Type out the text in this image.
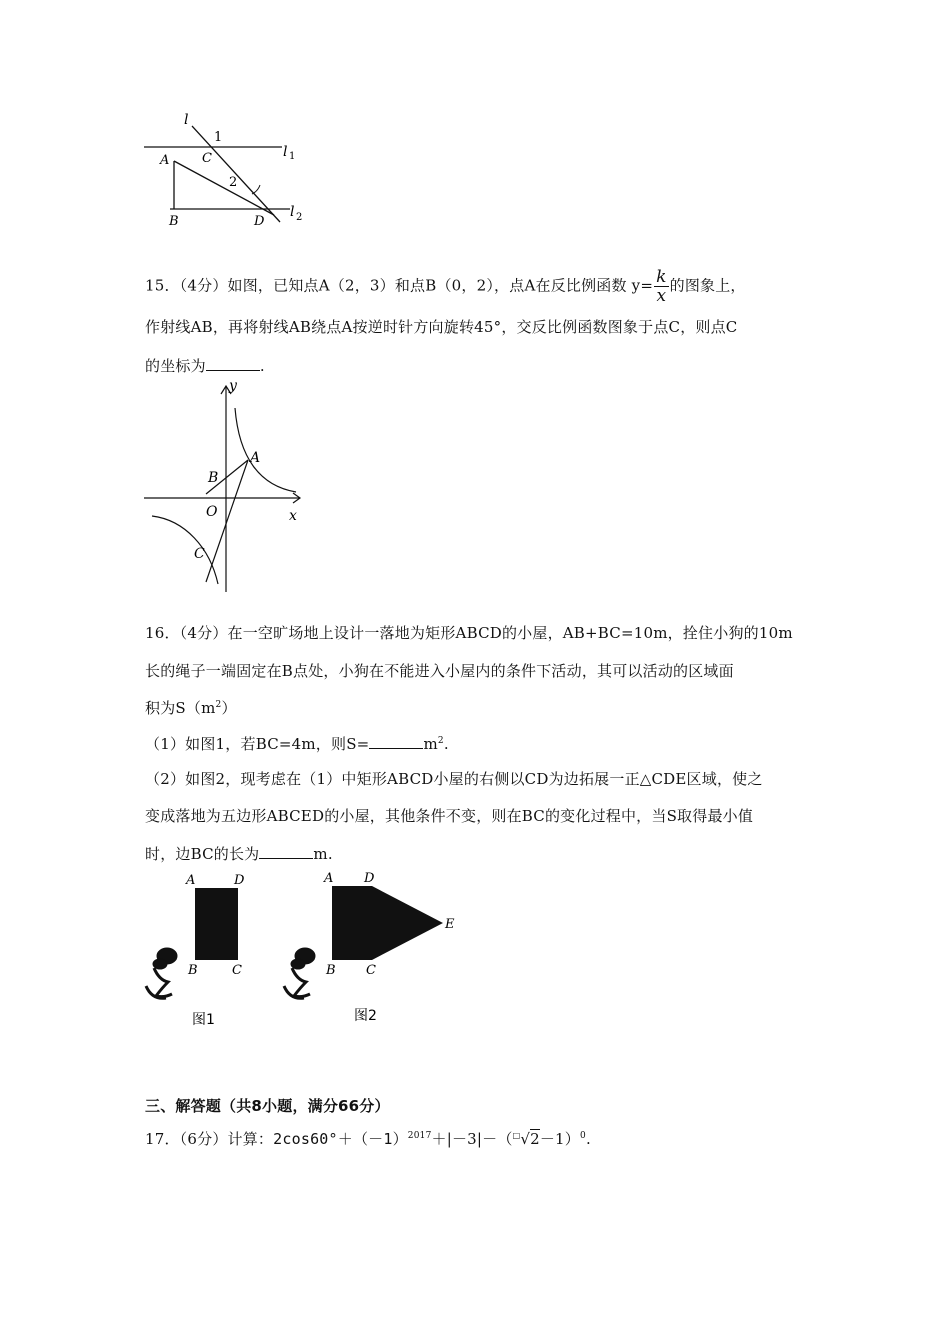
l
1
C
A
2
l 1
B	D
l 2
15．（4分）如图，已知点A（2，3）和点B（0，2），点A在反比例函数 $y= \frac{k}{x}$ 的图象上，
作射线AB，再将射线AB绕点A按逆时针方向旋转45°，交反比例函数图象于点C，则点C
的坐标为	.
y
A
B
O	x
C
16．（4分）在一空旷场地上设计一落地为矩形ABCD的小屋，AB+BC=10m，拴住小狗的10m
长的绳子一端固定在B点处，小狗在不能进入小屋内的条件下活动，其可以活动的区域面
积为$S(m^2)$
（1）如图1，若BC=4m，则S=	$m^2$.
（2）如图2，现考虑在（1）中矩形ABCD小屋的右侧以CD为边拓展一正△CDE区域，使之
变成落地为五边形ABCED的小屋，其他条件不变，则在BC的变化过程中，当S取得最小值
时，边BC的长为	m.
A	D
B	C
图1
A D
E
B C
图2
三、解答题（共8小题，满分66分）
17．（6分）计算：$2\cos 60^\circ+(-1)^{2017}+|-3|-(^□√2-1)^0$.
